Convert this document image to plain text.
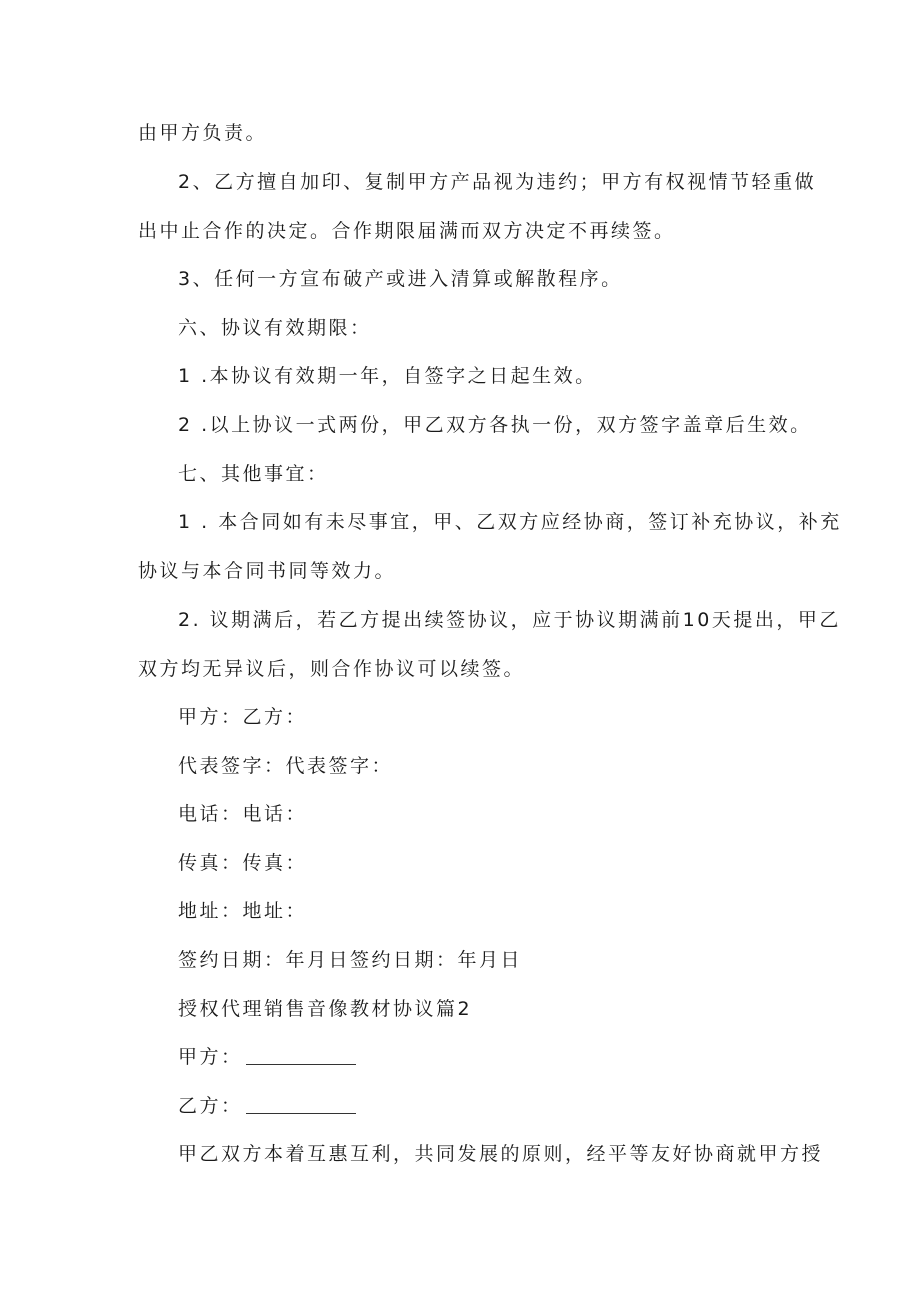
由甲方负责。
2、乙方擅自加印、复制甲方产品视为违约；甲方有权视情节轻重做
出中止合作的决定。合作期限届满而双方决定不再续签。
3、任何一方宣布破产或进入清算或解散程序。
六、协议有效期限：
1 .本协议有效期一年，自签字之日起生效。
2 .以上协议一式两份，甲乙双方各执一份，双方签字盖章后生效。
七、其他事宜：
1 . 本合同如有未尽事宜，甲、乙双方应经协商，签订补充协议，补充
协议与本合同书同等效力。
2. 议期满后，若乙方提出续签协议，应于协议期满前10天提出，甲乙
双方均无异议后，则合作协议可以续签。
甲方：乙方：
代表签字：代表签字：
电话：电话：
传真：传真：
地址：地址：
签约日期：年月日签约日期：年月日
授权代理销售音像教材协议篇2
甲方：
乙方：
甲乙双方本着互惠互利，共同发展的原则，经平等友好协商就甲方授
